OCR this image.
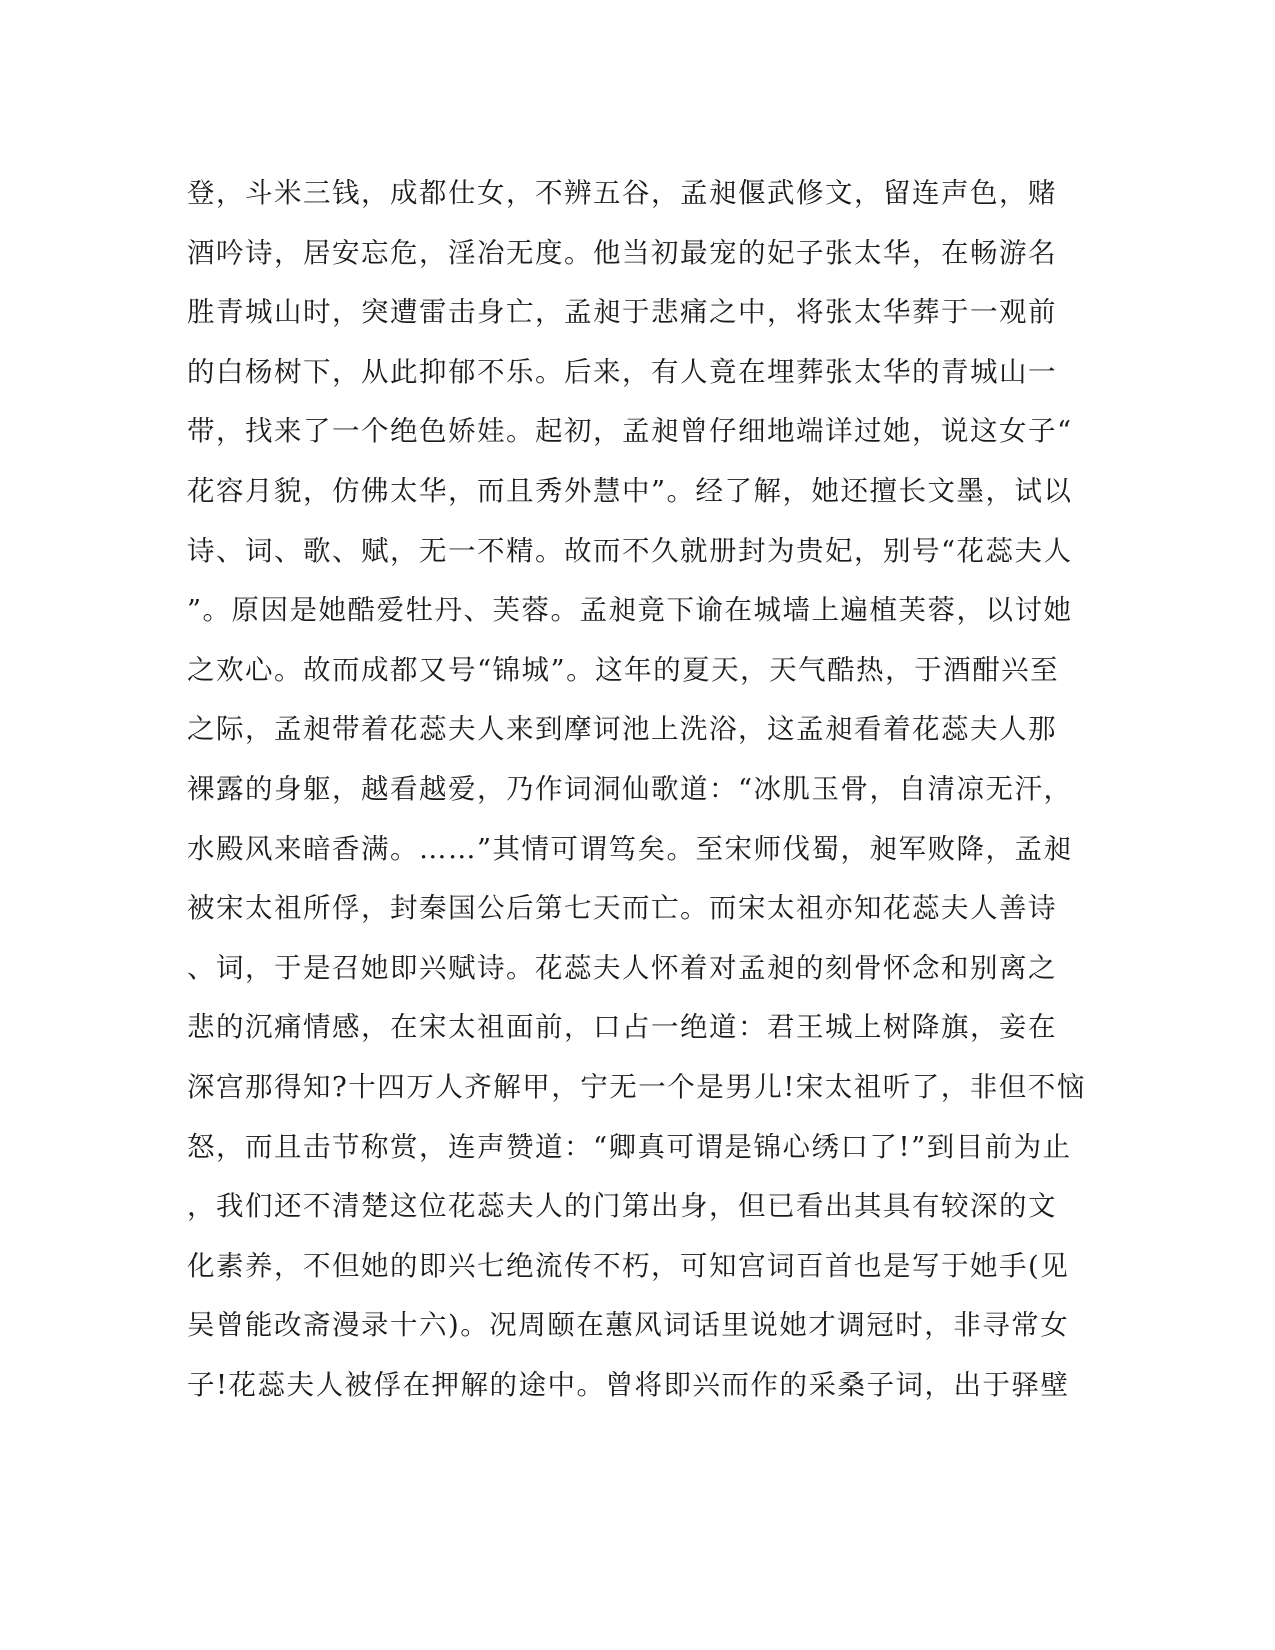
登，斗米三钱，成都仕女，不辨五谷，孟昶偃武修文，留连声色，赌
酒吟诗，居安忘危，淫冶无度。他当初最宠的妃子张太华，在畅游名
胜青城山时，突遭雷击身亡，孟昶于悲痛之中，将张太华葬于一观前
的白杨树下，从此抑郁不乐。后来，有人竟在埋葬张太华的青城山一
带，找来了一个绝色娇娃。起初，孟昶曾仔细地端详过她，说这女子“
花容月貌，仿佛太华，而且秀外慧中”。经了解，她还擅长文墨，试以
诗、词、歌、赋，无一不精。故而不久就册封为贵妃，别号“花蕊夫人
”。原因是她酷爱牡丹、芙蓉。孟昶竟下谕在城墙上遍植芙蓉，以讨她
之欢心。故而成都又号“锦城”。这年的夏天，天气酷热，于酒酣兴至
之际，孟昶带着花蕊夫人来到摩诃池上洗浴，这孟昶看着花蕊夫人那
裸露的身躯，越看越爱，乃作词洞仙歌道：“冰肌玉骨，自清凉无汗，
水殿风来暗香满。……”其情可谓笃矣。至宋师伐蜀，昶军败降，孟昶
被宋太祖所俘，封秦国公后第七天而亡。而宋太祖亦知花蕊夫人善诗
、词，于是召她即兴赋诗。花蕊夫人怀着对孟昶的刻骨怀念和别离之
悲的沉痛情感，在宋太祖面前，口占一绝道：君王城上树降旗，妾在
深宫那得知?十四万人齐解甲，宁无一个是男儿!宋太祖听了，非但不恼
怒，而且击节称赏，连声赞道：“卿真可谓是锦心绣口了!”到目前为止
，我们还不清楚这位花蕊夫人的门第出身，但已看出其具有较深的文
化素养，不但她的即兴七绝流传不朽，可知宫词百首也是写于她手(见
吴曾能改斋漫录十六)。况周颐在蕙风词话里说她才调冠时，非寻常女
子!花蕊夫人被俘在押解的途中。曾将即兴而作的采桑子词，出于驿壁
